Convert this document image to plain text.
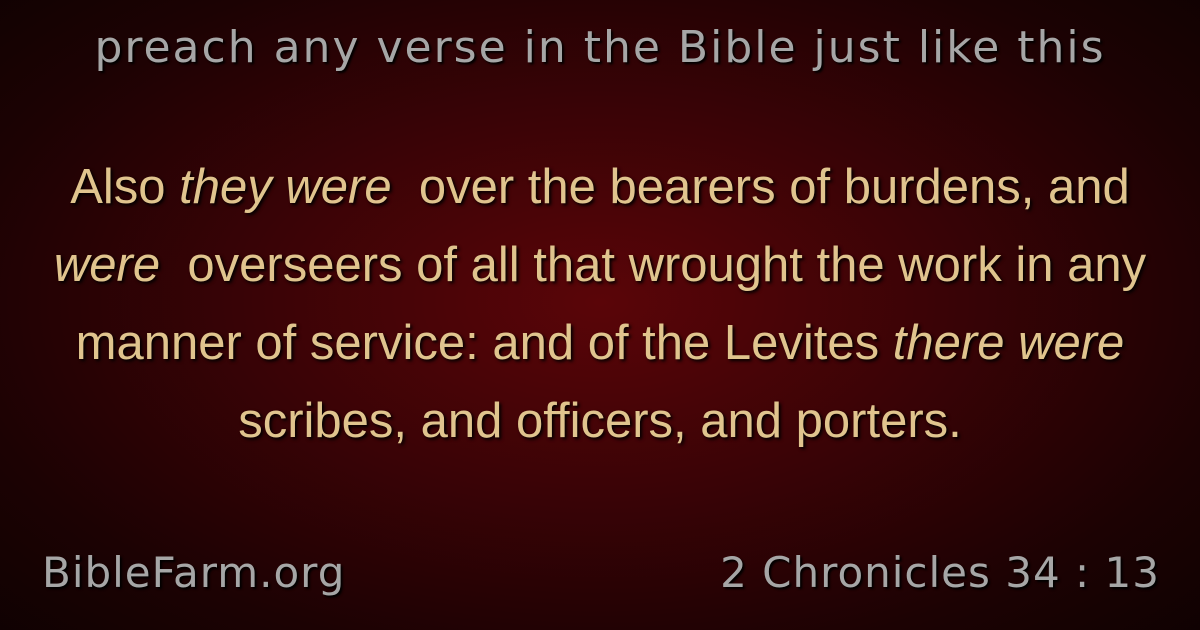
preach any verse in the Bible just like this
Also they were  over the bearers of burdens, and were  overseers of all that wrought the work in any manner of service: and of the Levites there were  scribes, and officers, and porters.
BibleFarm.org	2 Chronicles 34 : 13
